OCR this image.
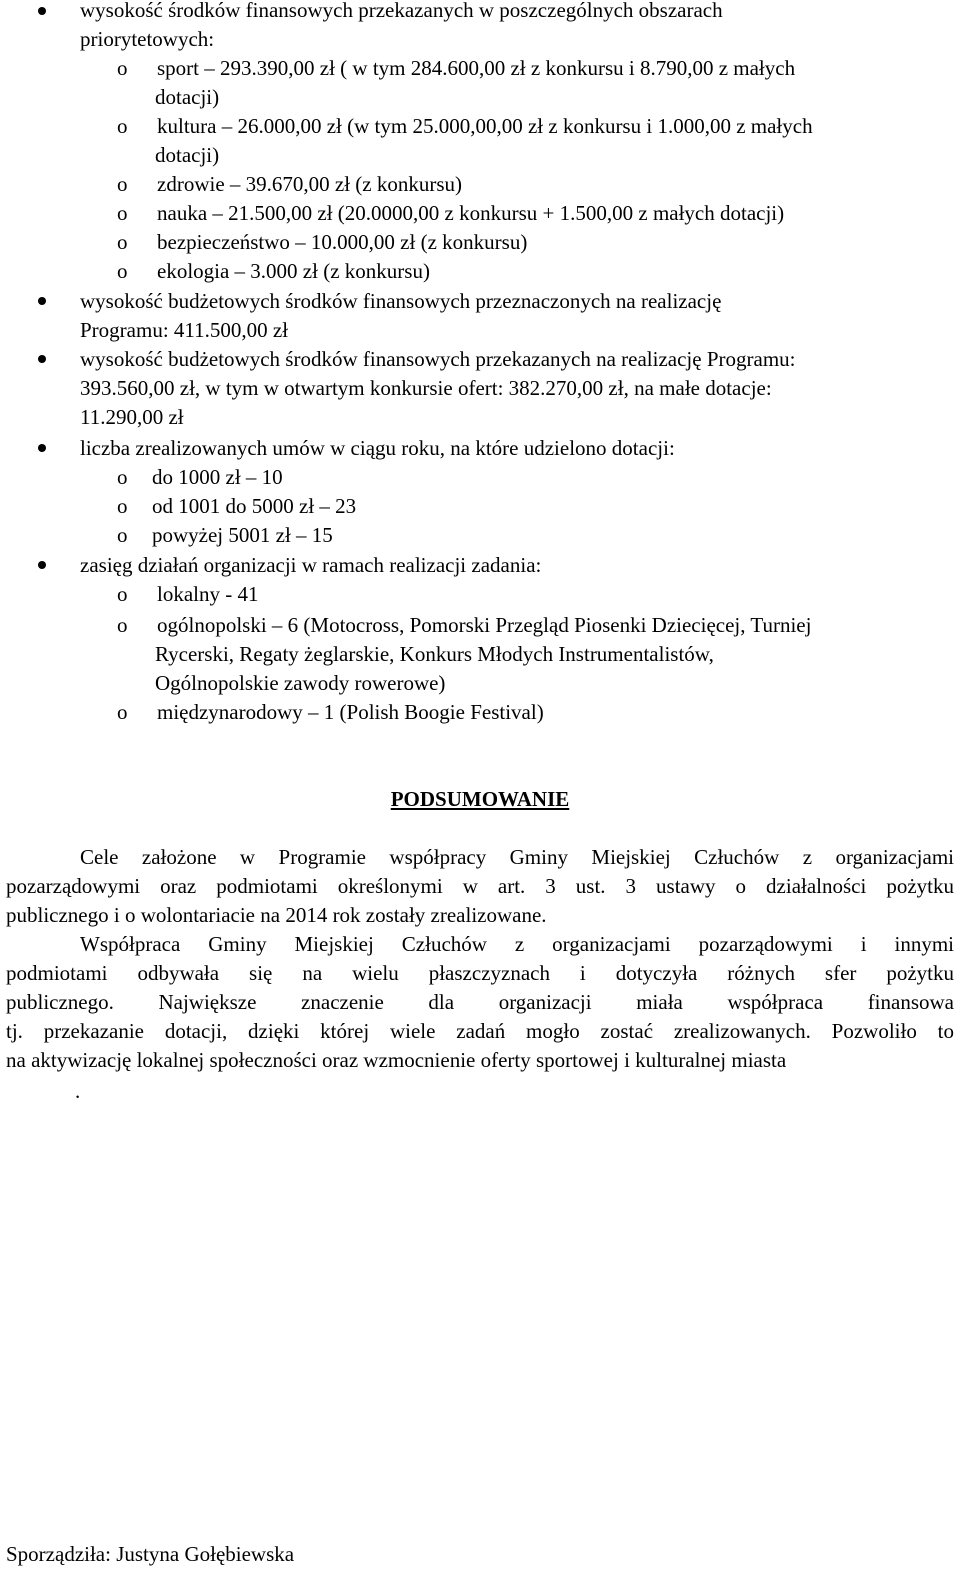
wysokość środków finansowych przekazanych w poszczególnych obszarach
priorytetowych:
o sport – 293.390,00 zł ( w tym 284.600,00 zł z konkursu i 8.790,00 z małych
dotacji)
o kultura – 26.000,00 zł (w tym 25.000,00,00 zł z konkursu i 1.000,00 z małych
dotacji)
o zdrowie – 39.670,00 zł (z konkursu)
o nauka – 21.500,00 zł (20.0000,00 z konkursu + 1.500,00 z małych dotacji)
o bezpieczeństwo – 10.000,00 zł (z konkursu)
o ekologia – 3.000 zł (z konkursu)
wysokość budżetowych środków finansowych przeznaczonych na realizację
Programu: 411.500,00 zł
wysokość budżetowych środków finansowych przekazanych na realizację Programu:
393.560,00 zł, w tym w otwartym konkursie ofert: 382.270,00 zł, na małe dotacje:
11.290,00 zł
liczba zrealizowanych umów w ciągu roku, na które udzielono dotacji:
o do 1000 zł – 10
o od 1001 do 5000 zł – 23
o powyżej 5001 zł – 15
zasięg działań organizacji w ramach realizacji zadania:
o lokalny - 41
o ogólnopolski – 6 (Motocross, Pomorski Przegląd Piosenki Dziecięcej, Turniej
Rycerski, Regaty żeglarskie, Konkurs Młodych Instrumentalistów,
Ogólnopolskie zawody rowerowe)
o międzynarodowy – 1 (Polish Boogie Festival)
PODSUMOWANIE
Cele założone w Programie współpracy Gminy Miejskiej Człuchów z organizacjami
pozarządowymi oraz podmiotami określonymi w art. 3 ust. 3 ustawy o działalności pożytku
publicznego i o wolontariacie na 2014 rok zostały zrealizowane.
Współpraca Gminy Miejskiej Człuchów z organizacjami pozarządowymi i innymi
podmiotami odbywała się na wielu płaszczyznach i dotyczyła różnych sfer pożytku
publicznego. Największe znaczenie dla organizacji miała współpraca finansowa
tj. przekazanie dotacji, dzięki której wiele zadań mogło zostać zrealizowanych. Pozwoliło to
na aktywizację lokalnej społeczności oraz wzmocnienie oferty sportowej i kulturalnej miasta
.
Sporządziła: Justyna Gołębiewska
